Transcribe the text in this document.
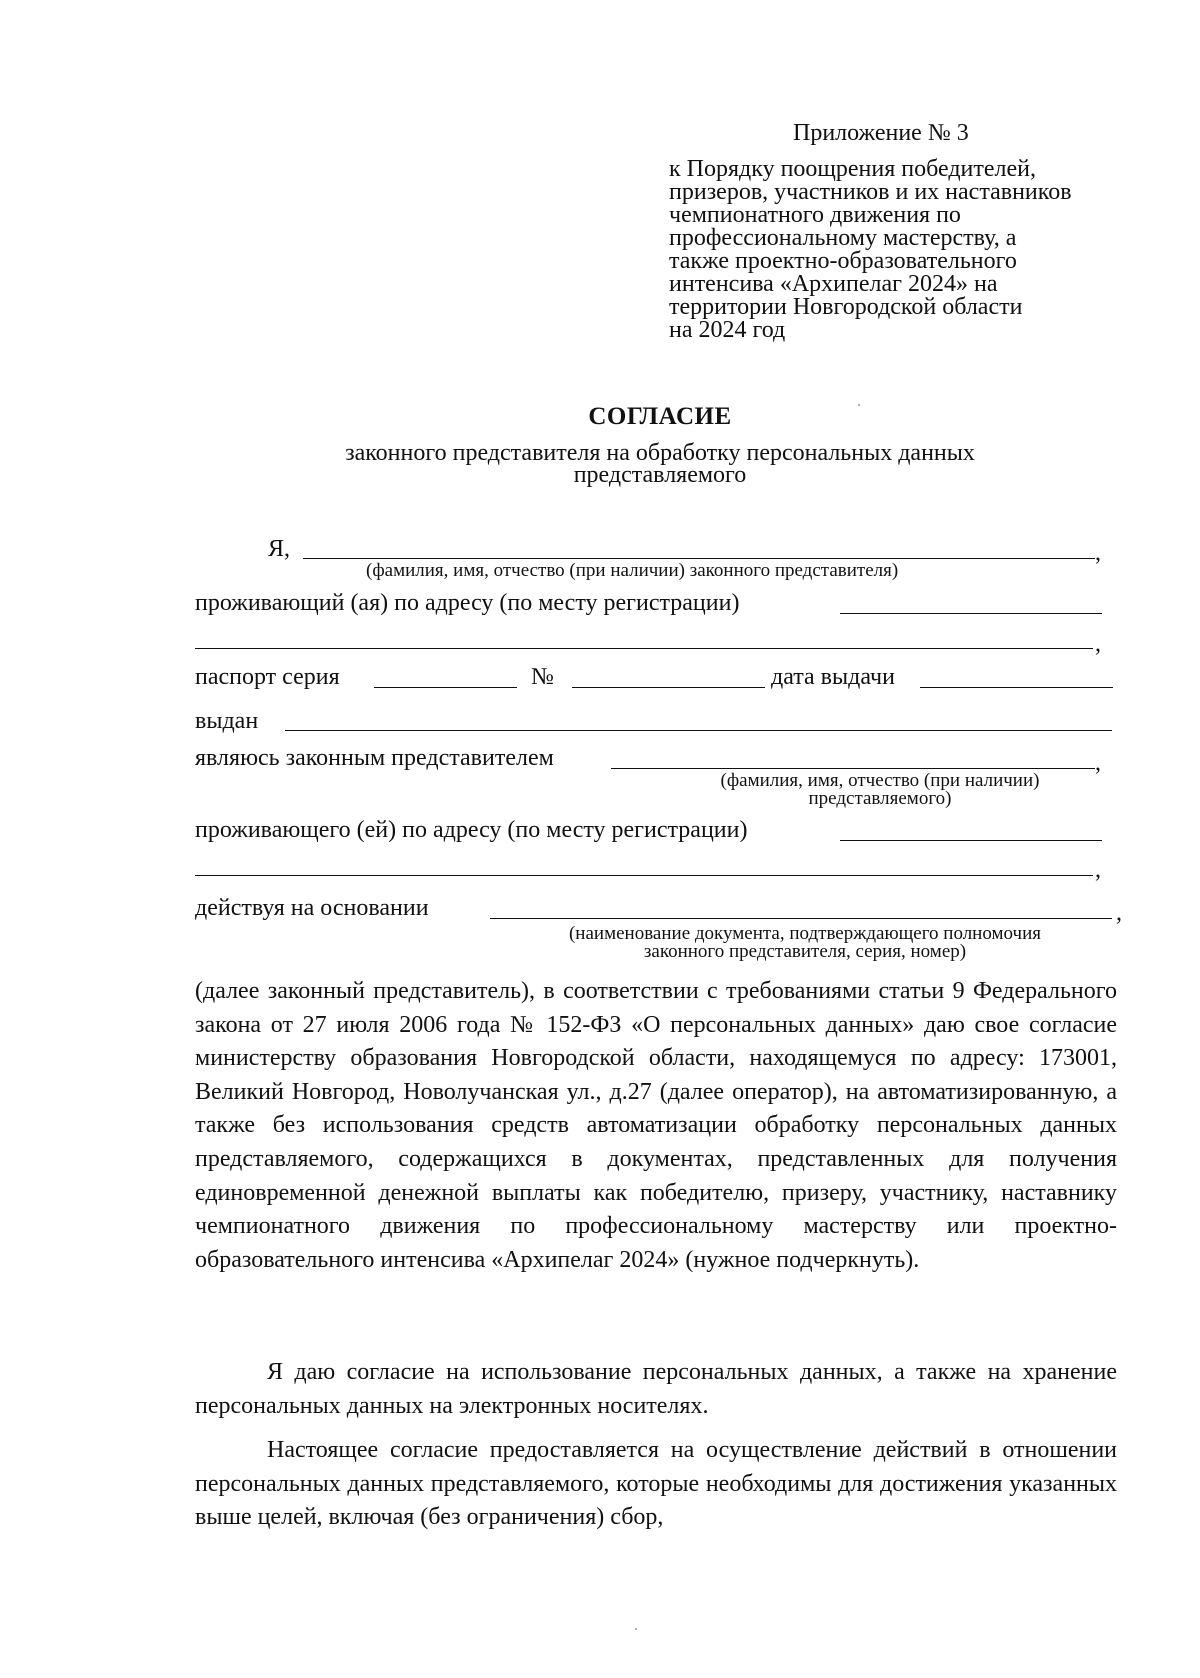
Приложение № 3
к Порядку поощрения победителей,
призеров, участников и их наставников
чемпионатного движения по
профессиональному мастерству, а
также проектно-образовательного
интенсива «Архипелаг 2024» на
территории Новгородской области
на 2024 год
СОГЛАСИЕ
законного представителя на обработку персональных данных
представляемого
Я,	,
(фамилия, имя, отчество (при наличии) законного представителя)
проживающий (ая) по адресу (по месту регистрации)
,
паспорт серия	№	дата выдачи
выдан
являюсь законным представителем	,
(фамилия, имя, отчество (при наличии)
представляемого)
проживающего (ей) по адресу (по месту регистрации)
,
действуя на основании	,
(наименование документа, подтверждающего полномочия
законного представителя, серия, номер)
(далее законный представитель), в соответствии с требованиями статьи 9 Федерального закона от 27 июля 2006 года № 152-ФЗ «О персональных данных» даю свое согласие министерству образования Новгородской области, находящемуся по адресу: 173001, Великий Новгород, Новолучанская ул., д.27 (далее оператор), на автоматизированную, а также без использования средств автоматизации обработку персональных данных представляемого, содержащихся в документах, представленных для получения единовременной денежной выплаты как победителю, призеру, участнику, наставнику чемпионатного движения по профессиональному мастерству или проектно-образовательного интенсива «Архипелаг 2024» (нужное подчеркнуть).
Я даю согласие на использование персональных данных, а также на хранение персональных данных на электронных носителях.
Настоящее согласие предоставляется на осуществление действий в отношении персональных данных представляемого, которые необходимы для достижения указанных выше целей, включая (без ограничения) сбор,
